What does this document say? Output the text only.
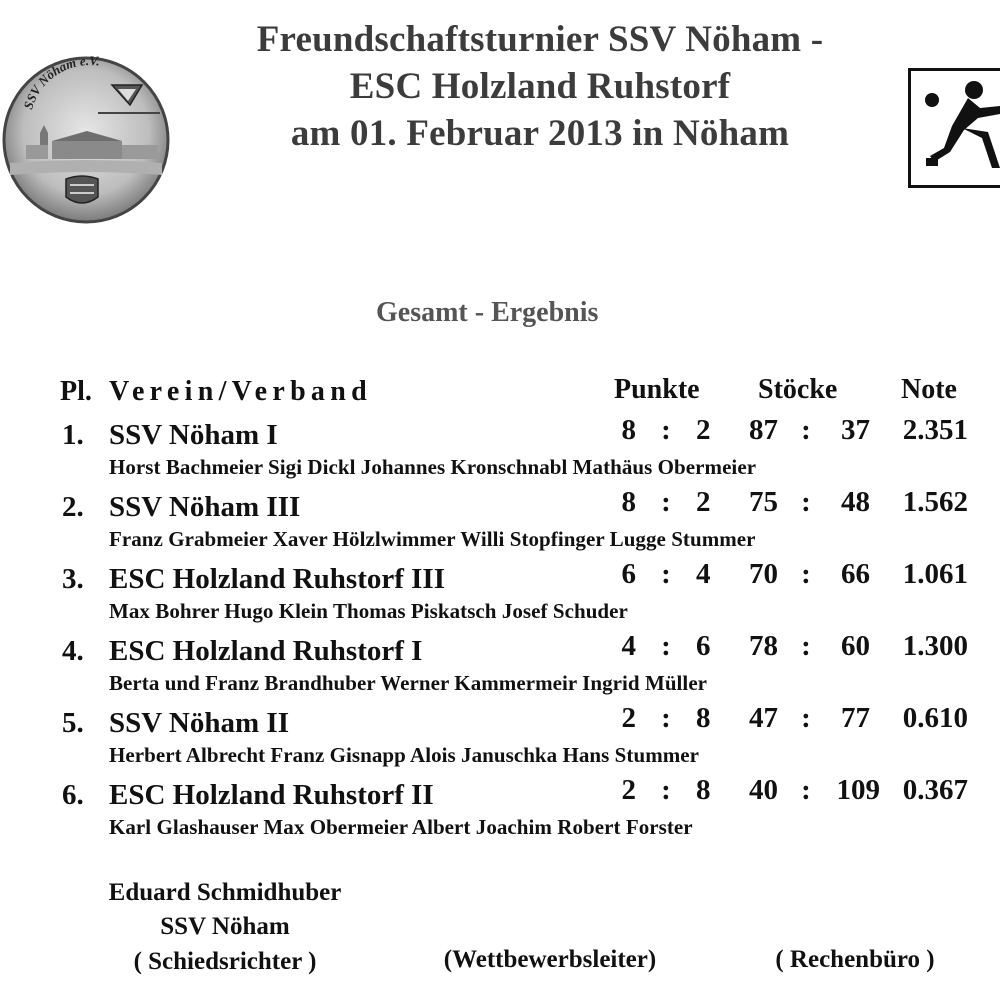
Freundschaftsturnier SSV Nöham -
ESC Holzland Ruhstorf
am 01. Februar 2013 in Nöham
SSV Nöham e.V.
Gesamt - Ergebnis
Pl. Verein/Verband	Punkte Stöcke Note
1. SSV Nöham I	8 : 2	87 :	37	2.351
Horst Bachmeier Sigi Dickl Johannes Kronschnabl Mathäus Obermeier
2. SSV Nöham III	8 : 2	75 :	48	1.562
Franz Grabmeier Xaver Hölzlwimmer Willi Stopfinger Lugge Stummer
3. ESC Holzland Ruhstorf III	6 : 4	70 :	66	1.061
Max Bohrer Hugo Klein Thomas Piskatsch Josef Schuder
4. ESC Holzland Ruhstorf I	4 : 6	78 :	60	1.300
Berta und Franz Brandhuber Werner Kammermeir Ingrid Müller
5. SSV Nöham II	2 : 8	47 :	77	0.610
Herbert Albrecht Franz Gisnapp Alois Januschka Hans Stummer
6. ESC Holzland Ruhstorf II	2 : 8	40 : 109 0.367
Karl Glashauser Max Obermeier Albert Joachim Robert Forster
Eduard Schmidhuber
SSV Nöham
( Schiedsrichter )	(Wettbewerbsleiter)	( Rechenbüro )
